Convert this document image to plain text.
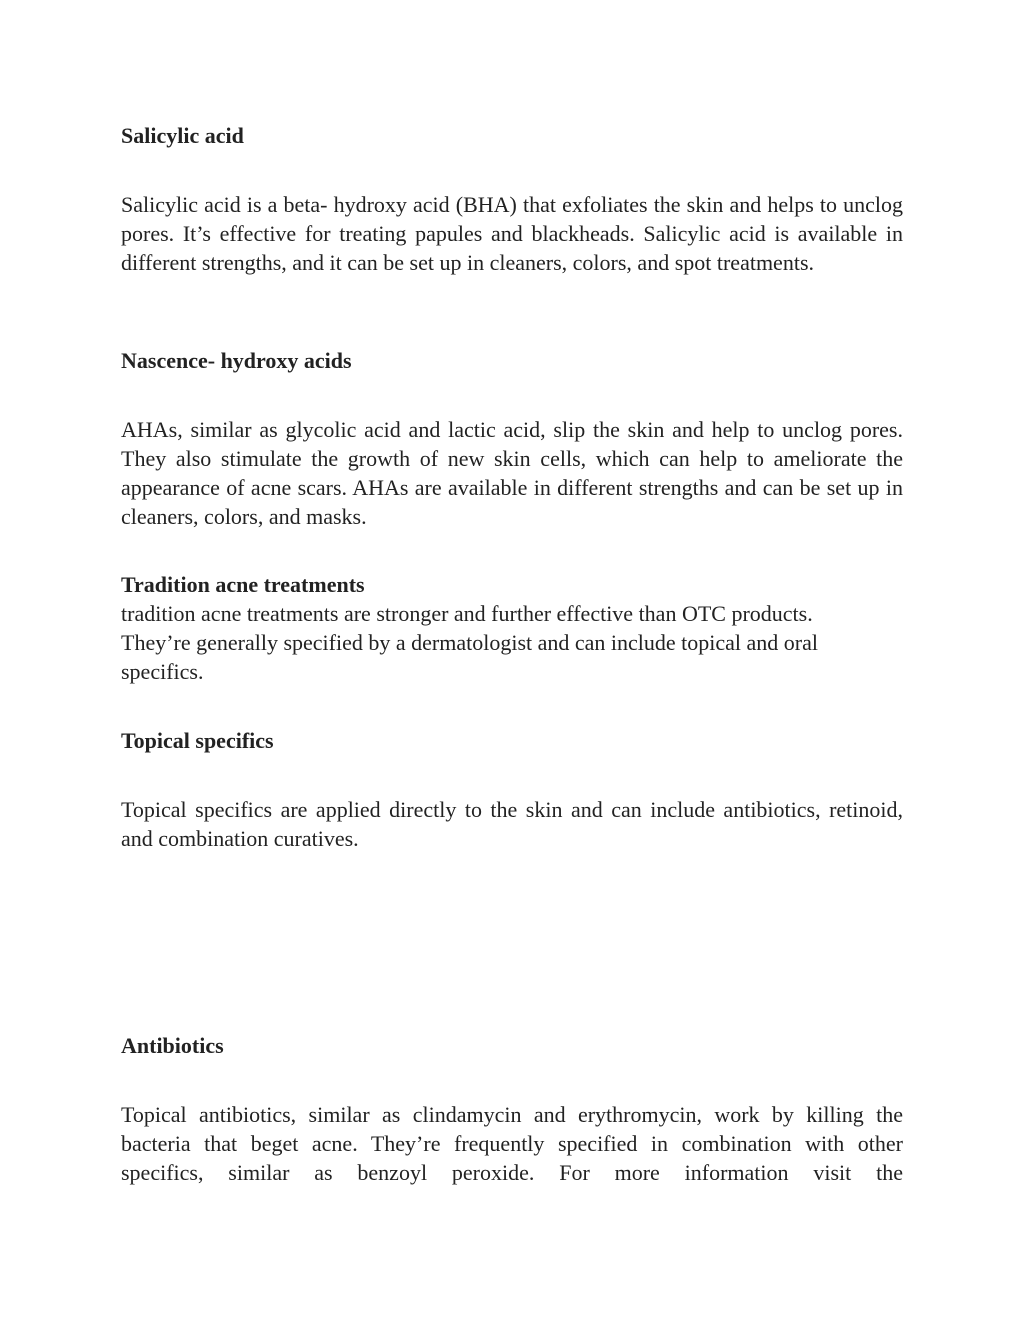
Salicylic acid

Salicylic acid is a beta- hydroxy acid (BHA) that exfoliates the skin and helps to unclog pores. It’s effective for treating papules and blackheads. Salicylic acid is available in different strengths, and it can be set up in cleaners, colors, and spot treatments.

Nascence- hydroxy acids

AHAs, similar as glycolic acid and lactic acid, slip the skin and help to unclog pores. They also stimulate the growth of new skin cells, which can help to ameliorate the appearance of acne scars. AHAs are available in different strengths and can be set up in cleaners, colors, and masks.

Tradition acne treatments

tradition acne treatments are stronger and further effective than OTC products. They’re generally specified by a dermatologist and can include topical and oral specifics.

Topical specifics

Topical specifics are applied directly to the skin and can include antibiotics, retinoid, and combination curatives.

Antibiotics

Topical antibiotics, similar as clindamycin and erythromycin, work by killing the bacteria that beget acne. They’re frequently specified in combination with other specifics, similar as benzoyl peroxide. For more information visit the
